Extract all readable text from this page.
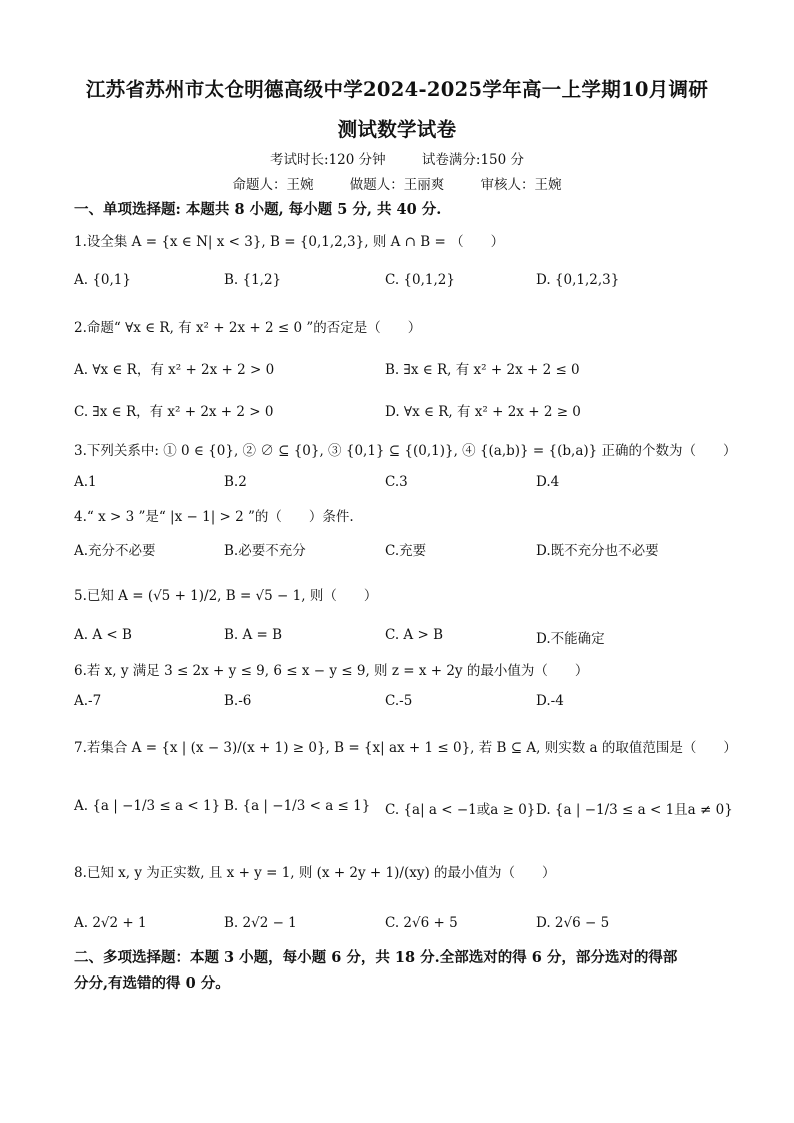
江苏省苏州市太仓明德高级中学2024-2025学年高一上学期10月调研
测试数学试卷
考试时长:120 分钟	试卷满分:150 分
命题人：王婉	做题人：王丽爽	审核人：王婉
一、单项选择题: 本题共 8 小题, 每小题 5 分, 共 40 分.
1.设全集 A = {x ∈ N| x < 3}, B = {0,1,2,3}, 则 A ∩ B = （　　）
A. {0,1}	B. {1,2}	C. {0,1,2}	D. {0,1,2,3}
2.命题“ ∀x ∈ R, 有 x² + 2x + 2 ≤ 0 ”的否定是（　　）
A. ∀x ∈ R，有 x² + 2x + 2 > 0	B. ∃x ∈ R, 有 x² + 2x + 2 ≤ 0
C. ∃x ∈ R，有 x² + 2x + 2 > 0	D. ∀x ∈ R, 有 x² + 2x + 2 ≥ 0
3.下列关系中: ① 0 ∈ {0}, ② ∅ ⊆ {0}, ③ {0,1} ⊆ {(0,1)}, ④ {(a,b)} = {(b,a)} 正确的个数为（　　）
A.1	B.2	C.3	D.4
4.“ x > 3 ”是“ |x − 1| > 2 ”的（　　）条件.
A.充分不必要	B.必要不充分	C.充要	D.既不充分也不必要
5.已知 A = (√5 + 1)/2, B = √5 − 1, 则（　　）
A. A < B	B. A = B	C. A > B	D.不能确定
6.若 x, y 满足 3 ≤ 2x + y ≤ 9, 6 ≤ x − y ≤ 9, 则 z = x + 2y 的最小值为（　　）
A.-7	B.-6	C.-5	D.-4
7.若集合 A = {x | (x − 3)/(x + 1) ≥ 0}, B = {x| ax + 1 ≤ 0}, 若 B ⊆ A, 则实数 a 的取值范围是（　　）
A. {a | −1/3 ≤ a < 1} B. {a | −1/3 < a ≤ 1} C. {a| a < −1或a ≥ 0} D. {a | −1/3 ≤ a < 1且a ≠ 0}
8.已知 x, y 为正实数, 且 x + y = 1, 则 (x + 2y + 1)/(xy) 的最小值为（　　）
A. 2√2 + 1	B. 2√2 − 1	C. 2√6 + 5	D. 2√6 − 5
二、多项选择题：本题 3 小题，每小题 6 分，共 18 分.全部选对的得 6 分，部分选对的得部
分分,有选错的得 0 分。
